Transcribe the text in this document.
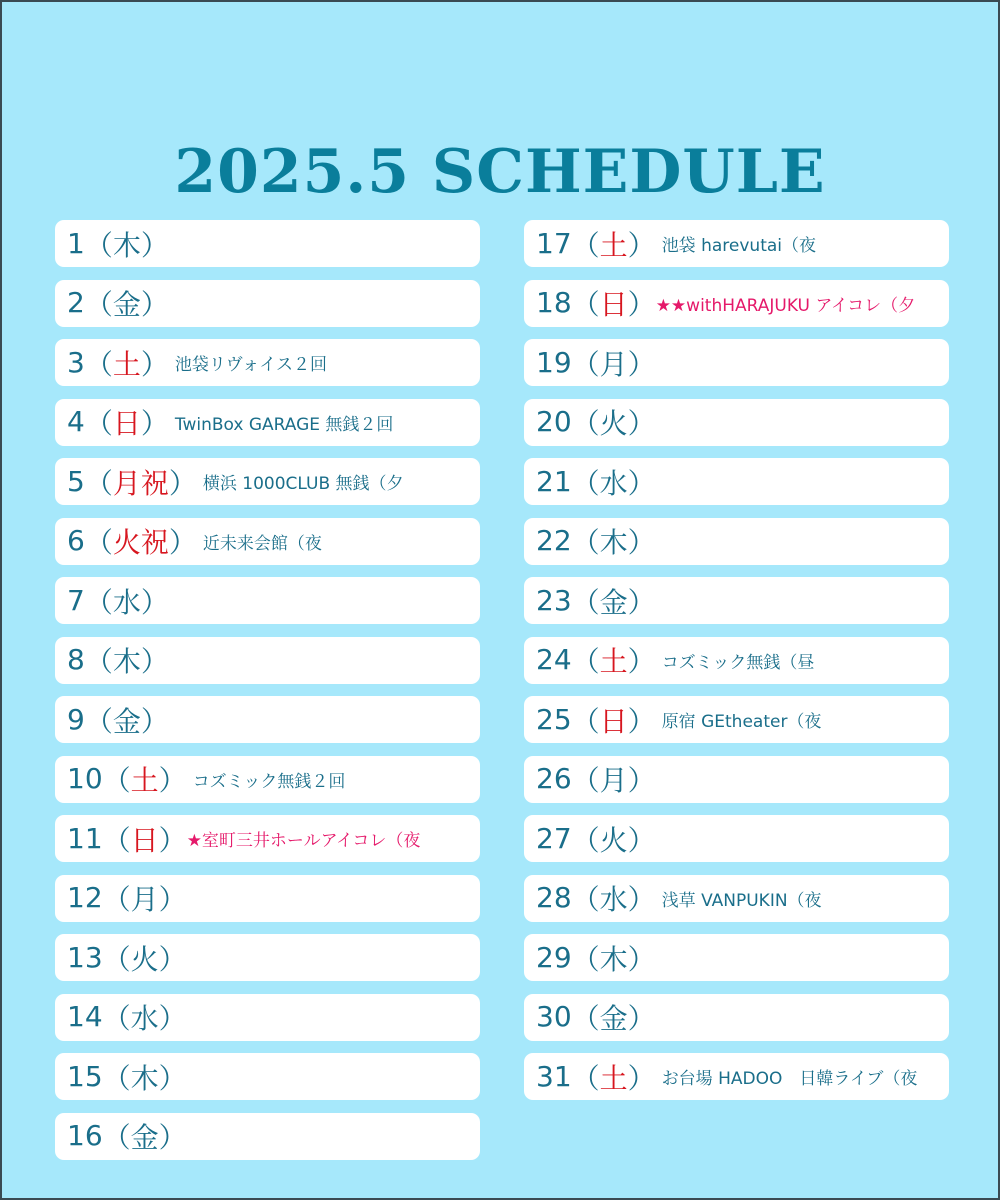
2025.5 SCHEDULE
1 （ 木 ）
2 （ 金 ）
3 （ 土 ） 池袋リヴォイス２回
4 （ 日 ） TwinBox GARAGE 無銭２回
5 （ 月祝 ） 横浜 1000CLUB 無銭（夕
6 （ 火祝 ） 近未来会館（夜
7 （ 水 ）
8 （ 木 ）
9 （ 金 ）
10 （ 土 ） コズミック無銭２回
11 （ 日 ） ★室町三井ホールアイコレ（夜
12 （ 月 ）
13 （ 火 ）
14 （ 水 ）
15 （ 木 ）
16 （ 金 ）
17 （ 土 ） 池袋 harevutai（夜
18 （ 日 ） ★★withHARAJUKU アイコレ（夕
19 （ 月 ）
20 （ 火 ）
21 （ 水 ）
22 （ 木 ）
23 （ 金 ）
24 （ 土 ） コズミック無銭（昼
25 （ 日 ） 原宿 GEtheater（夜
26 （ 月 ）
27 （ 火 ）
28 （ 水 ） 浅草 VANPUKIN（夜
29 （ 木 ）
30 （ 金 ）
31 （ 土 ） お台場 HADOO　日韓ライブ（夜
